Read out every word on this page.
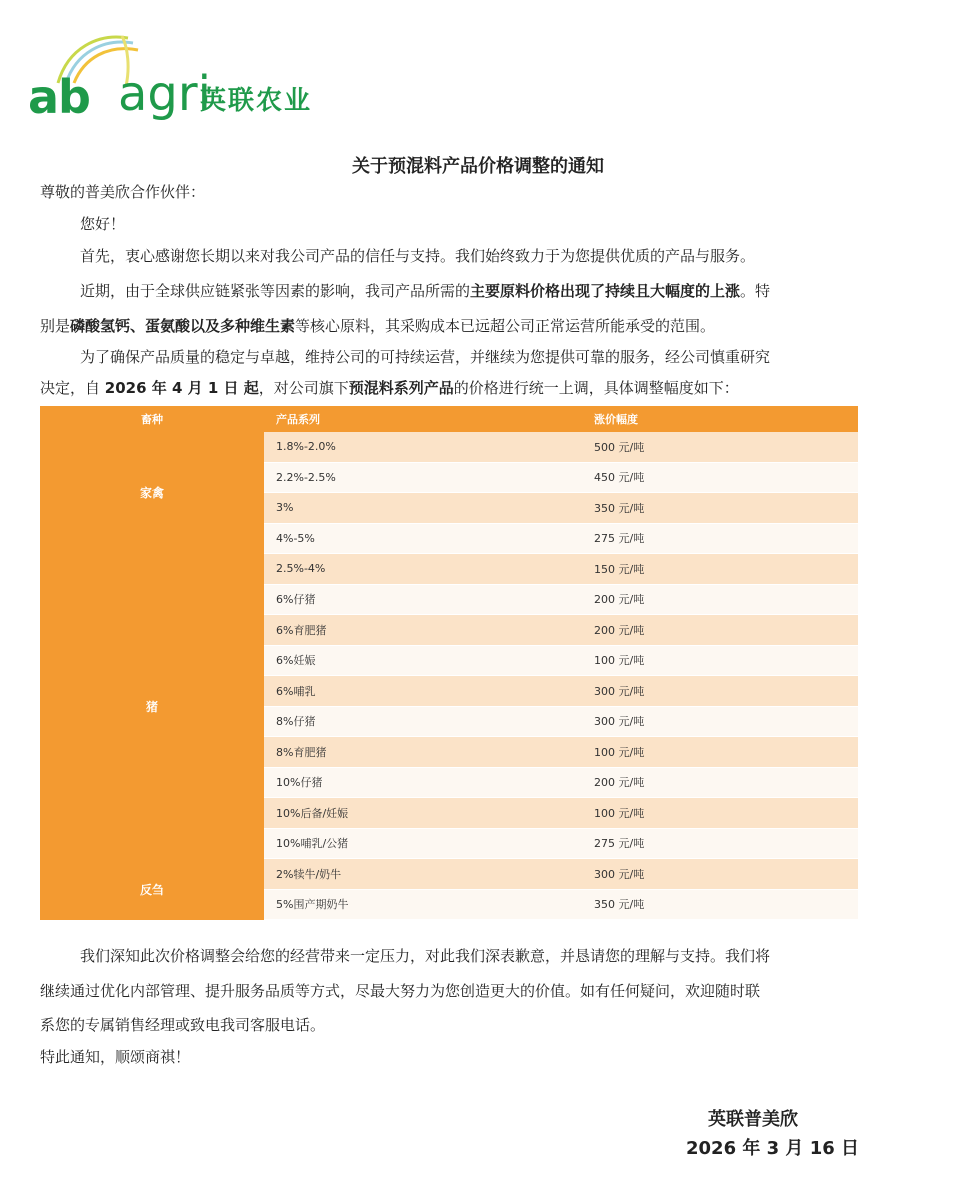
ab agri
英联农业
关于预混料产品价格调整的通知
尊敬的普美欣合作伙伴：
您好！
首先，衷心感谢您长期以来对我公司产品的信任与支持。我们始终致力于为您提供优质的产品与服务。
近期，由于全球供应链紧张等因素的影响，我司产品所需的主要原料价格出现了持续且大幅度的上涨。特
别是磷酸氢钙、蛋氨酸以及多种维生素等核心原料，其采购成本已远超公司正常运营所能承受的范围。
为了确保产品质量的稳定与卓越，维持公司的可持续运营，并继续为您提供可靠的服务，经公司慎重研究
决定，自 2026 年 4 月 1 日 起，对公司旗下预混料系列产品的价格进行统一上调，具体调整幅度如下：
畜种	产品系列	涨价幅度
家禽	1.8%-2.0%	500 元/吨
	2.2%-2.5%	450 元/吨
	3%	350 元/吨
	4%-5%	275 元/吨
猪	2.5%-4%	150 元/吨
	6%仔猪	200 元/吨
	6%育肥猪	200 元/吨
	6%妊娠	100 元/吨
	6%哺乳	300 元/吨
	8%仔猪	300 元/吨
	8%育肥猪	100 元/吨
	10%仔猪	200 元/吨
	10%后备/妊娠	100 元/吨
	10%哺乳/公猪	275 元/吨
反刍	2%犊牛/奶牛	300 元/吨
	5%围产期奶牛	350 元/吨
我们深知此次价格调整会给您的经营带来一定压力，对此我们深表歉意，并恳请您的理解与支持。我们将
继续通过优化内部管理、提升服务品质等方式，尽最大努力为您创造更大的价值。如有任何疑问，欢迎随时联
系您的专属销售经理或致电我司客服电话。
特此通知，顺颂商祺！
英联普美欣
2026 年 3 月 16 日
